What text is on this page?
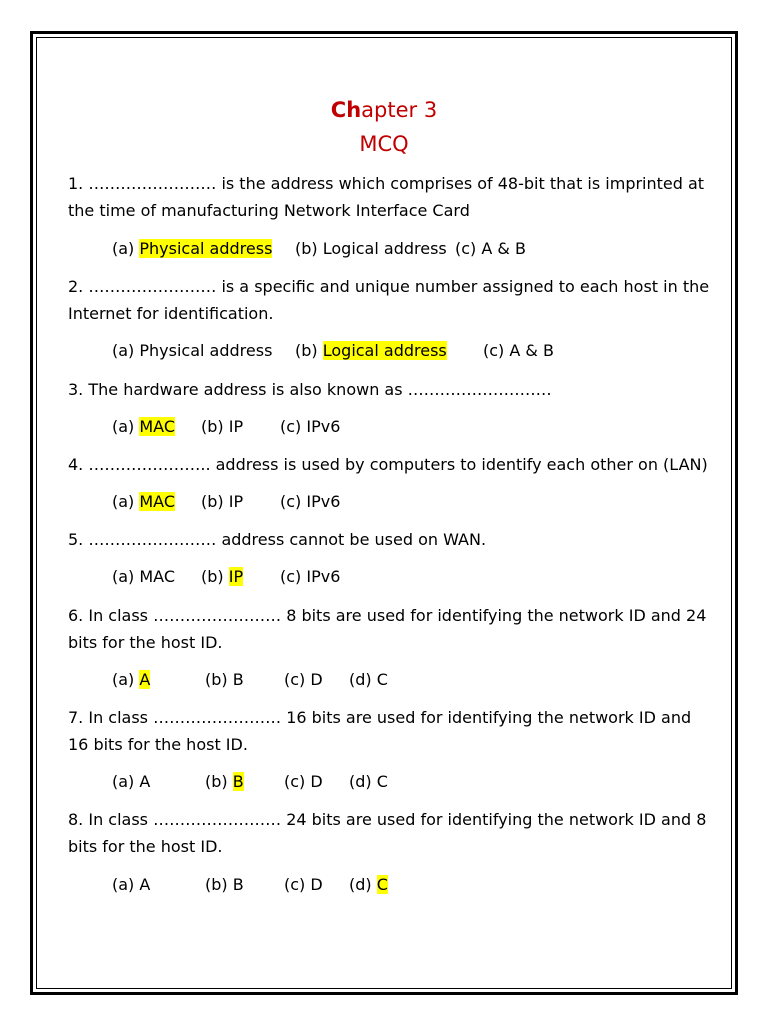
Chapter 3
MCQ
1. …………………… is the address which comprises of 48-bit that is imprinted at
the time of manufacturing Network Interface Card
(a) Physical address (b) Logical address (c) A & B
2. …………………… is a specific and unique number assigned to each host in the
Internet for identification.
(a) Physical address (b) Logical address (c) A & B
3. The hardware address is also known as ………………………
(a) MAC (b) IP (c) IPv6
4. ………………….. address is used by computers to identify each other on (LAN)
(a) MAC (b) IP (c) IPv6
5. …………………… address cannot be used on WAN.
(a) MAC (b) IP (c) IPv6
6. In class …………………… 8 bits are used for identifying the network ID and 24
bits for the host ID.
(a) A	(b) B	(c) D (d) C
7. In class …………………… 16 bits are used for identifying the network ID and
16 bits for the host ID.
(a) A	(b) B	(c) D (d) C
8. In class …………………… 24 bits are used for identifying the network ID and 8
bits for the host ID.
(a) A	(b) B	(c) D (d) C
